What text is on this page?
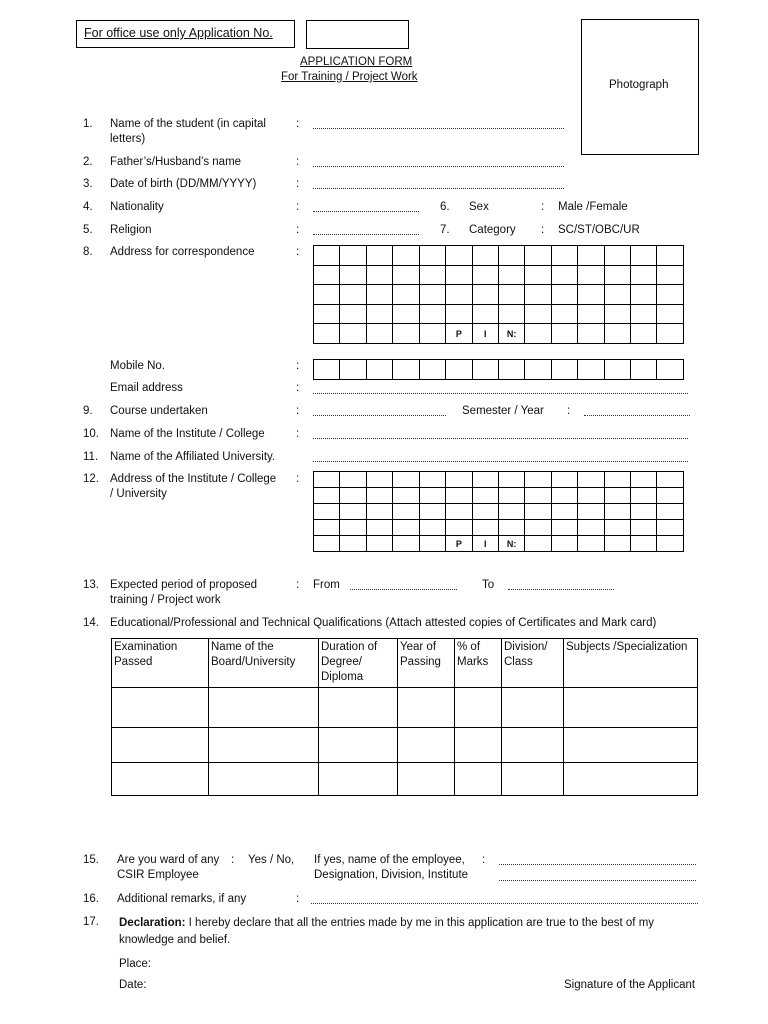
For office use only Application No.
APPLICATION FORM
For Training / Project Work
Photograph
1. Name of the student (in capital letters)
:
2. Father’s/Husband’s name	:
3. Date of birth (DD/MM/YYYY)	:
4. Nationality	:	6. Sex	: Male /Female
5. Religion	:	7. Category : SC/ST/OBC/UR
8. Address for correspondence	:

					P	I	N:						
Mobile No.	:

Email address	:
9. Course undertaken	:	Semester / Year :
10. Name of the Institute / College	:
11. Name of the Affiliated University.
12. Address of the Institute / College / University
:

					P	I	N:						
13. Expected period of proposed training / Project work
: From	To
14. Educational/Professional and Technical Qualifications (Attach attested copies of Certificates and Mark card)
Examination Passed	Name of the Board/University	Duration of Degree/ Diploma	Year of Passing	% of Marks	Division/ Class	Subjects /Specialization

15. Are you ward of any CSIR Employee
: Yes / No, If yes, name of the employee, Designation, Division, Institute
:
16. Additional remarks, if any	:
17. Declaration: I hereby declare that all the entries made by me in this application are true to the best of my knowledge and belief.
Place:
Date:	Signature of the Applicant
